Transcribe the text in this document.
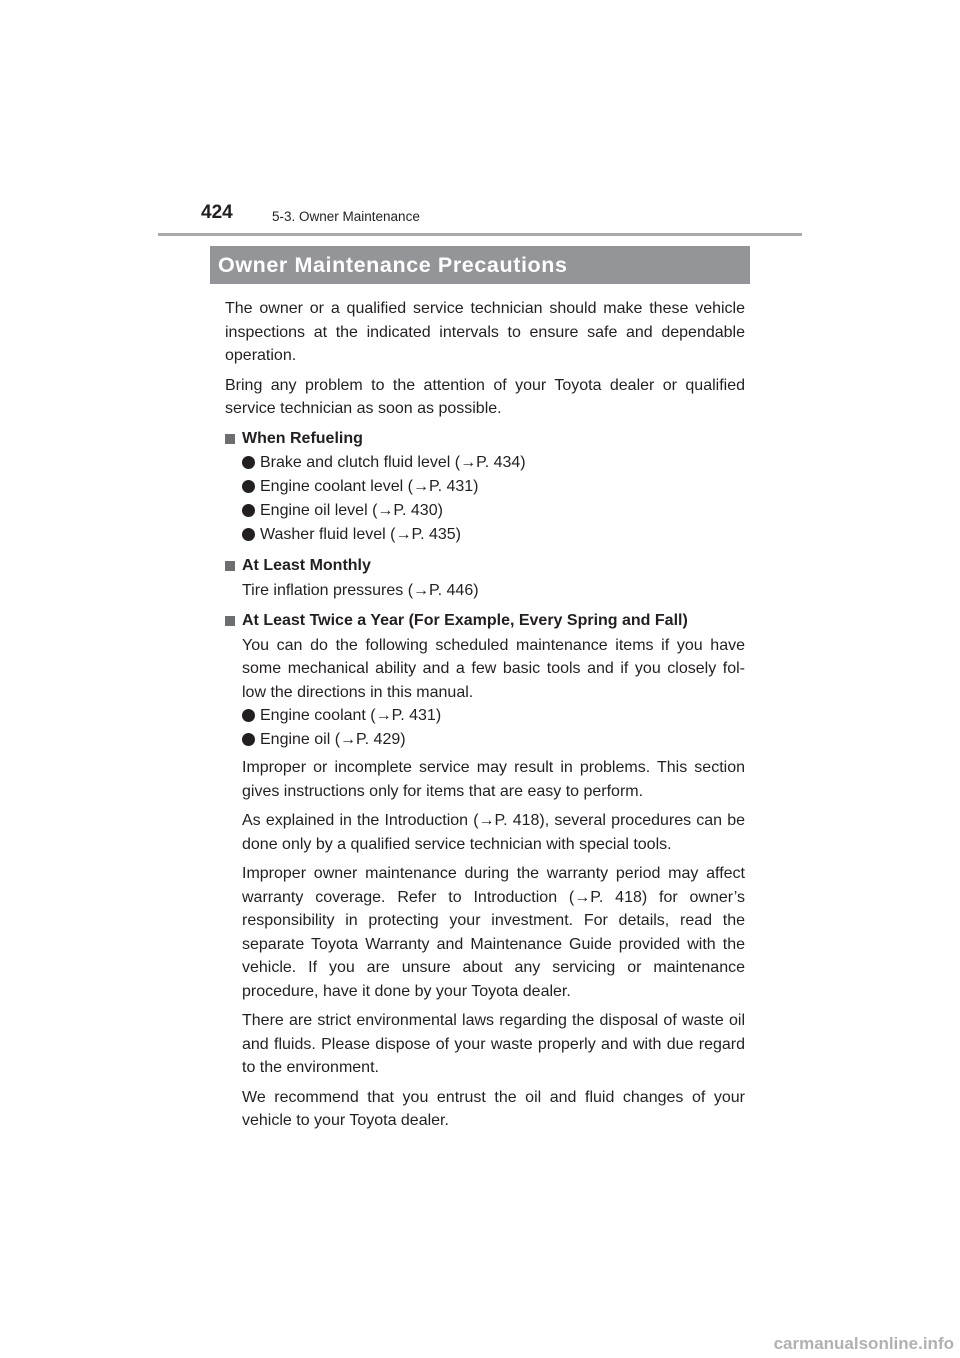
424	5-3. Owner Maintenance
Owner Maintenance Precautions

The owner or a qualified service technician should make these vehicle inspections at the indicated intervals to ensure safe and dependable operation.

Bring any problem to the attention of your Toyota dealer or qualified service technician as soon as possible.

When Refueling
Brake and clutch fluid level (→P. 434)
Engine coolant level (→P. 431)
Engine oil level (→P. 430)
Washer fluid level (→P. 435)
At Least Monthly
Tire inflation pressures (→P. 446)
At Least Twice a Year (For Example, Every Spring and Fall)
You can do the following scheduled maintenance items if you have
some mechanical ability and a few basic tools and if you closely fol-
low the directions in this manual.
Engine coolant (→P. 431)
Engine oil (→P. 429)

Improper or incomplete service may result in problems. This section gives instructions only for items that are easy to perform.

As explained in the Introduction (→P. 418), several procedures can be done only by a qualified service technician with special tools.

Improper owner maintenance during the warranty period may affect warranty coverage. Refer to Introduction (→P. 418) for owner’s responsibility in protecting your investment. For details, read the separate Toyota Warranty and Maintenance Guide provided with the vehicle. If you are unsure about any servicing or maintenance procedure, have it done by your Toyota dealer.

There are strict environmental laws regarding the disposal of waste oil and fluids. Please dispose of your waste properly and with due regard to the environment.

We recommend that you entrust the oil and fluid changes of your vehicle to your Toyota dealer.

carmanualsonline.info
